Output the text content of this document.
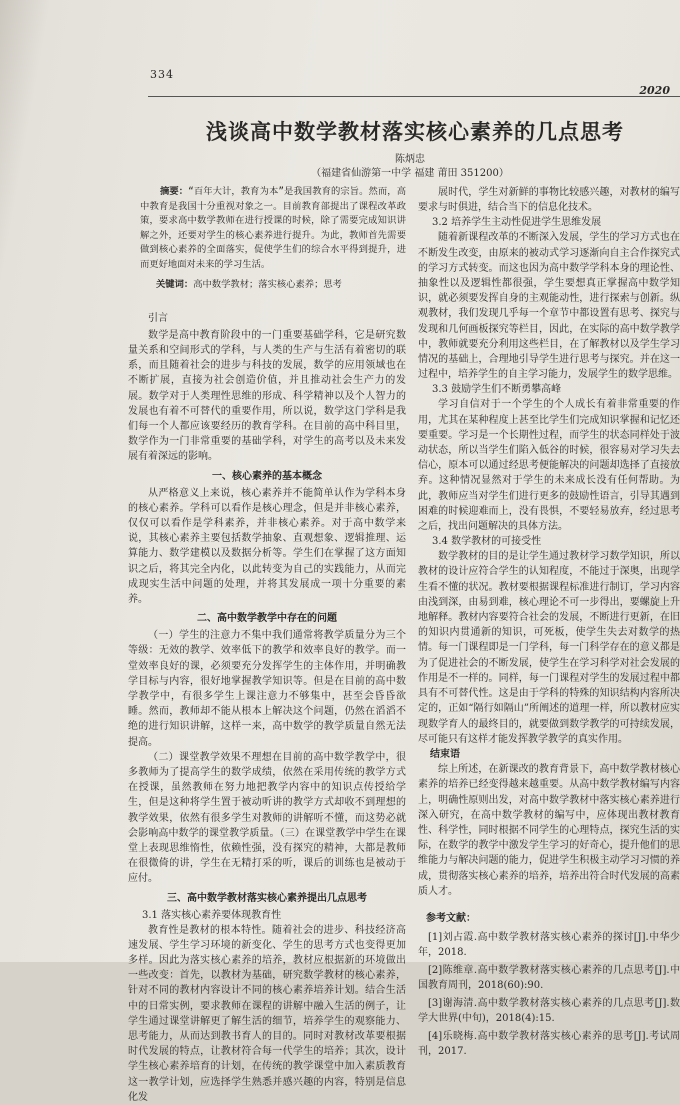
334
2020
浅谈高中数学教材落实核心素养的几点思考
陈炳忠
（福建省仙游第一中学 福建 莆田 351200）
摘要：“百年大计，教育为本”是我国教育的宗旨。然而，高中教育是我国十分重视对象之一。目前教育部提出了课程改革政策，要求高中数学教师在进行授课的时候，除了需要完成知识讲解之外，还要对学生的核心素养进行提升。为此，教师首先需要做到核心素养的全面落实，促使学生们的综合水平得到提升，进而更好地面对未来的学习生活。
关键词：高中数学教材；落实核心素养；思考
引言

数学是高中教育阶段中的一门重要基础学科，它是研究数量关系和空间形式的学科，与人类的生产与生活有着密切的联系，而且随着社会的进步与科技的发展，数学的应用领域也在不断扩展，直接为社会创造价值，并且推动社会生产力的发展。数学对于人类理性思维的形成、科学精神以及个人智力的发展也有着不可替代的重要作用，所以说，数学这门学科是我们每一个人都应该要经历的教育学科。在目前的高中科目里，数学作为一门非常重要的基础学科，对学生的高考以及未来发展有着深远的影响。

一、核心素养的基本概念

从严格意义上来说，核心素养并不能简单认作为学科本身的核心素养。学科可以看作是核心理念，但是并非核心素养，仅仅可以看作是学科素养，并非核心素养。对于高中数学来说，其核心素养主要包括数学抽象、直观想象、逻辑推理、运算能力、数学建模以及数据分析等。学生们在掌握了这方面知识之后，将其完全内化，以此转变为自己的实践能力，从而完成现实生活中问题的处理，并将其发展成一项十分重要的素养。

二、高中数学教学中存在的问题

（一）学生的注意力不集中我们通常将教学质量分为三个等级：无效的教学、效率低下的教学和效率良好的教学。而一堂效率良好的课，必须要充分发挥学生的主体作用，并明确教学目标与内容，很好地掌握教学知识等。但是在目前的高中数学教学中，有很多学生上课注意力不够集中，甚至会昏昏欲睡。然而，教师却不能从根本上解决这个问题，仍然在滔滔不绝的进行知识讲解，这样一来，高中数学的教学质量自然无法提高。

（二）课堂教学效果不理想在目前的高中数学教学中，很多教师为了提高学生的数学成绩，依然在采用传统的教学方式在授课，虽然教师在努力地把教学内容中的知识点传授给学生，但是这种将学生置于被动听讲的教学方式却收不到理想的教学效果，依然有很多学生对教师的讲解听不懂，而这势必就会影响高中数学的课堂教学质量。（三）在课堂教学中学生在课堂上表现思维惰性，依赖性强，没有探究的精神，大都是教师在很微倚的讲，学生在无精打采的听，课后的训练也是被动于应付。

三、高中数学教材落实核心素养提出几点思考
3.1 落实核心素养要体现教育性

教育性是教材的根本特性。随着社会的进步、科技经济高速发展、学生学习环境的新变化、学生的思考方式也变得更加多样。因此为落实核心素养的培养，教材应根据新的环境做出一些改变：首先，以教材为基础，研究数学教材的核心素养，针对不同的教材内容设计不同的核心素养培养计划。结合生活中的日常实例，要求教师在课程的讲解中融入生活的例子，让学生通过课堂讲解更了解生活的细节，培养学生的观察能力、思考能力，从而达到教书育人的目的。同时对教材改革要根据时代发展的特点，让教材符合每一代学生的培养；其次，设计学生核心素养培育的计划，在传统的教学课堂中加入素质教育这一教学计划，应选择学生熟悉并感兴趣的内容，特别是信息化发

展时代，学生对新鲜的事物比较感兴趣，对教材的编写要求与时俱进，结合当下的信息化技术。

3.2 培养学生主动性促进学生思维发展

随着新课程改革的不断深入发展，学生的学习方式也在不断发生改变，由原来的被动式学习逐渐向自主合作探究式的学习方式转变。而这也因为高中数学学科本身的理论性、抽象性以及逻辑性都很强，学生要想真正掌握高中数学知识，就必须要发挥自身的主观能动性，进行探索与创新。纵观教材，我们发现几乎每一个章节中都设置有思考、探究与发现和几何画板探究等栏目，因此，在实际的高中数学教学中，教师就要充分利用这些栏目，在了解教材以及学生学习情况的基础上，合理地引导学生进行思考与探究。并在这一过程中，培养学生的自主学习能力，发展学生的数学思维。

3.3 鼓励学生们不断勇攀高峰

学习自信对于一个学生的个人成长有着非常重要的作用，尤其在某种程度上甚至比学生们完成知识掌握和记忆还要重要。学习是一个长期性过程，而学生的状态同样处于波动状态，所以当学生们陷入低谷的时候，很容易对学习失去信心，原本可以通过经思考便能解决的问题却选择了直接放弃。这种情况显然对于学生的未来成长没有任何帮助。为此，教师应当对学生们进行更多的鼓励性语言，引导其遇到困难的时候迎难而上，没有畏惧，不要轻易放弃，经过思考之后，找出问题解决的具体方法。

3.4 数学教材的可接受性

数学教材的目的是让学生通过教材学习数学知识，所以教材的设计应符合学生的认知程度，不能过于深奥，出现学生看不懂的状况。教材要根据课程标准进行制订，学习内容由浅到深，由易到难，核心理论不可一步得出，要螺旋上升地解释。教材内容要符合社会的发展，不断进行更新，在旧的知识内贯通新的知识，可死板，使学生失去对数学的热情。每一门课程即是一门学科，每一门科学存在的意义都是为了促进社会的不断发展，使学生在学习科学对社会发展的作用是不一样的。同样，每一门课程对学生的发展过程中都具有不可替代性。这是由于学科的特殊的知识结构内容所决定的，正如“隔行如隔山”所阐述的道理一样，所以教材应实现数学育人的最终目的，就要做到数学教学的可持续发展，尽可能只有这样才能发挥教学教学的真实作用。

结束语

综上所述，在新课改的教育背景下，高中数学教材核心素养的培养已经变得越来越重要。从高中数学教材编写内容上，明确性原则出发，对高中数学教材中落实核心素养进行深入研究，在高中数学教材的编写中，应体现出教材教育性、科学性，同时根据不同学生的心理特点，探究生活的实际，在数学的教学中激发学生学习的好奇心，提升他们的思维能力与解决问题的能力，促进学生积极主动学习习惯的养成，贯彻落实核心素养的培养，培养出符合时代发展的高素质人才。

参考文献：
[1]刘占霞.高中数学教材落实核心素养的探讨[J].中华少年，2018.
[2]陈维章.高中数学教材落实核心素养的几点思考[J].中国教育周刊，2018(60):90.
[3]谢海清.高中数学教材落实核心素养的几点思考[J].数学大世界(中旬)，2018(4):15.
[4]乐晓梅.高中数学教材落实核心素养的思考[J].考试周刊，2017.
